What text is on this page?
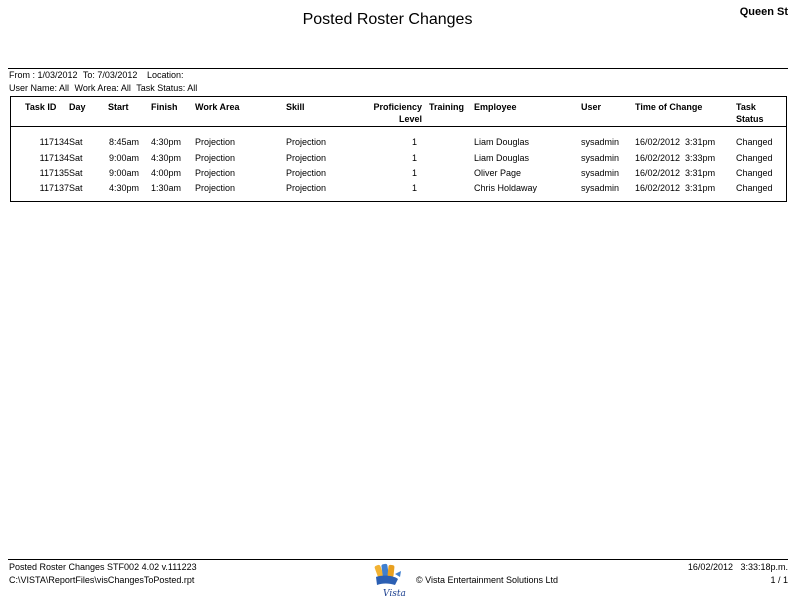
Posted Roster Changes	Queen St
From : 1/03/2012 To: 7/03/2012 Location:
User Name: All Work Area: All Task Status: All
Task ID Day Start Finish Work Area	Skill	Proficiency
Level
Training Employee	User	Time of Change	Task
Status
117134 Sat	8:45am	4:30pm Projection	Projection	1	Liam Douglas	sysadmin 16/02/2012  3:31pm Changed
117134 Sat	9:00am	4:30pm Projection	Projection	1	Liam Douglas	sysadmin 16/02/2012  3:33pm Changed
117135 Sat	9:00am	4:00pm Projection	Projection	1	Oliver Page	sysadmin 16/02/2012  3:31pm Changed
117137 Sat	4:30pm	1:30am Projection	Projection	1	Chris Holdaway	sysadmin 16/02/2012  3:31pm Changed
Posted Roster Changes STF002 4.02 v.111223
C:\VISTA\ReportFiles\visChangesToPosted.rpt
Vista
© Vista Entertainment Solutions Ltd
16/02/2012   3:33:18p.m.
1 / 1
